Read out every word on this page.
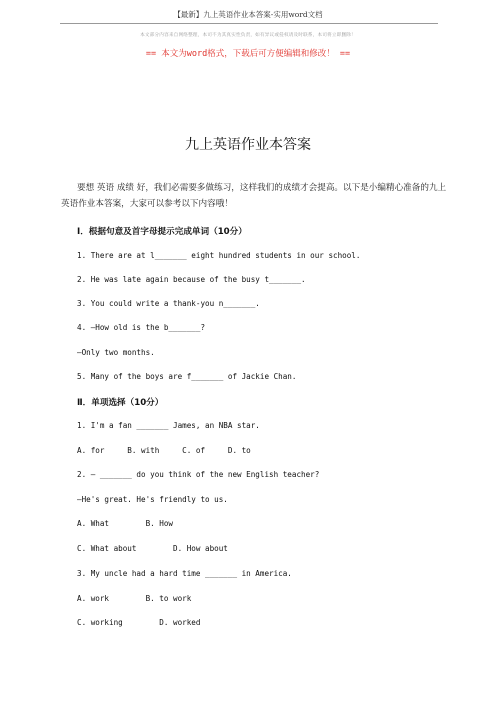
【最新】九上英语作业本答案-实用word文档
本文部分内容来自网络整理，本司不为其真实性负责，如有异议或侵权请及时联系，本司将立即删除！
== 本文为word格式，下载后可方便编辑和修改！ ==
九上英语作业本答案
要想 英语 成绩 好，我们必需要多做练习，这样我们的成绩才会提高。以下是小编精心准备的九上英语作业本答案，大家可以参考以下内容哦！
Ⅰ．根据句意及首字母提示完成单词（10分）
1. There are at l_______ eight hundred students in our school.
2. He was late again because of the busy t_______.
3. You could write a thank-you n_______.
4. —How old is the b_______?
—Only two months.
5. Many of the boys are f_______ of Jackie Chan.
Ⅱ．单项选择（10分）
1. I'm a fan _______ James, an NBA star.
A. for     B. with     C. of     D. to
2. — _______ do you think of the new English teacher?
—He's great. He's friendly to us.
A. What        B. How
C. What about        D. How about
3. My uncle had a hard time _______ in America.
A. work        B. to work
C. working        D. worked
